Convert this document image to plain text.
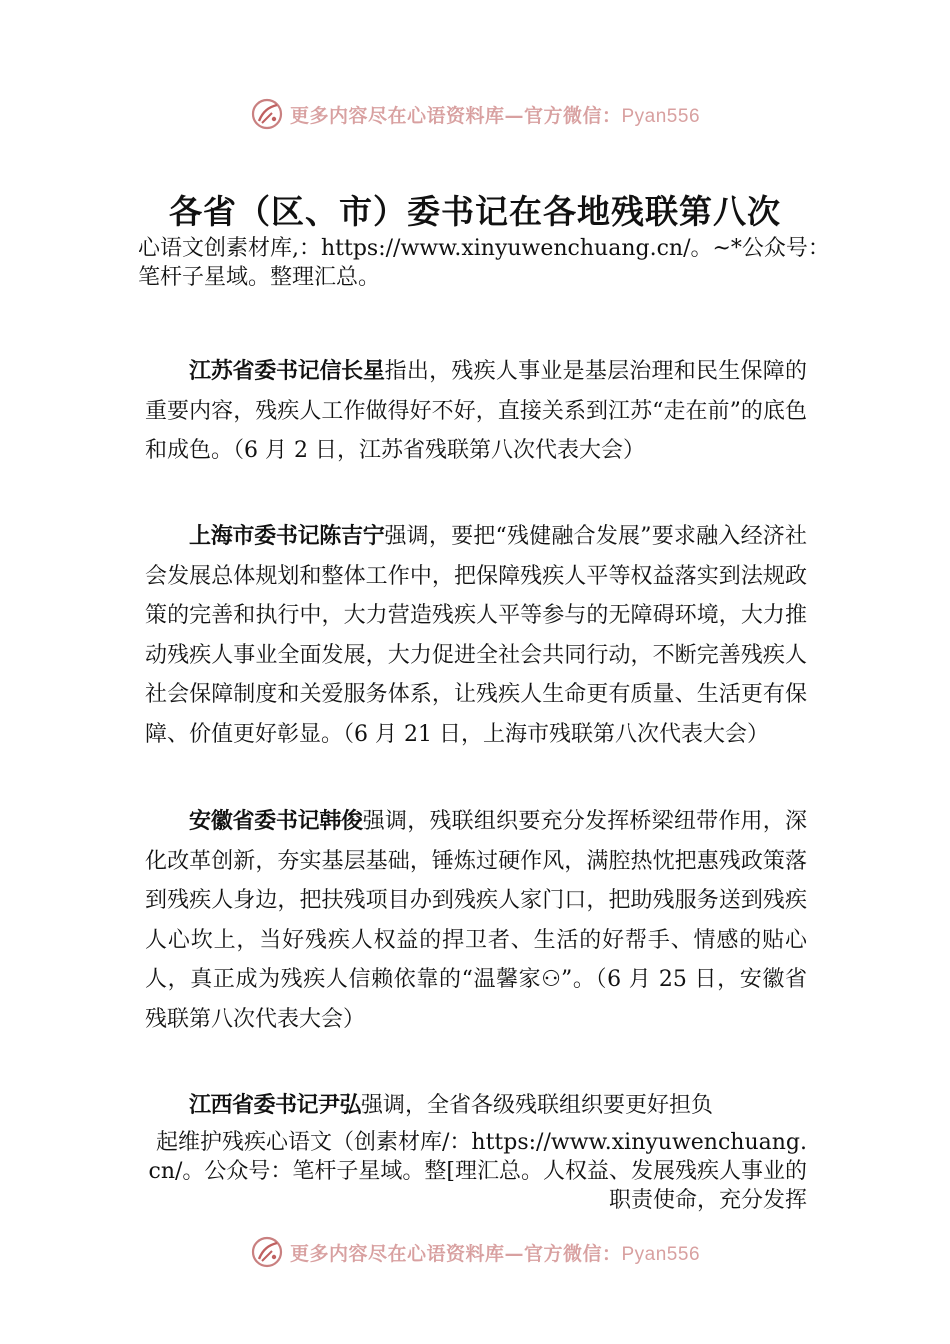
更多内容尽在心语资料库—官方微信：Pyan556
各省（区、市）委书记在各地残联第八次
心语文创素材库,：https://www.xinyuwenchuang.cn/。~*公众号：笔杆子星域。整理汇总。
江苏省委书记信长星指出，残疾人事业是基层治理和民生保障的重要内容，残疾人工作做得好不好，直接关系到江苏“走在前”的底色和成色。（6 月 2 日，江苏省残联第八次代表大会）
上海市委书记陈吉宁强调，要把“残健融合发展”要求融入经济社会发展总体规划和整体工作中，把保障残疾人平等权益落实到法规政策的完善和执行中，大力营造残疾人平等参与的无障碍环境，大力推动残疾人事业全面发展，大力促进全社会共同行动，不断完善残疾人社会保障制度和关爱服务体系，让残疾人生命更有质量、生活更有保障、价值更好彰显。（6 月 21 日，上海市残联第八次代表大会）
安徽省委书记韩俊强调，残联组织要充分发挥桥梁纽带作用，深化改革创新，夯实基层基础，锤炼过硬作风，满腔热忱把惠残政策落到残疾人身边，把扶残项目办到残疾人家门口，把助残服务送到残疾人心坎上，当好残疾人权益的捍卫者、生活的好帮手、情感的贴心人，真正成为残疾人信赖依靠的“温馨家⚇”。（6 月 25 日，安徽省残联第八次代表大会）
江西省委书记尹弘强调，全省各级残联组织要更好担负
起维护残疾心语文（创素材库/：https://www.xinyuwenchuang.cn/。公众号：笔杆子星域。整[理汇总。人权益、发展残疾人事业的职责使命，充分发挥
更多内容尽在心语资料库—官方微信：Pyan556
